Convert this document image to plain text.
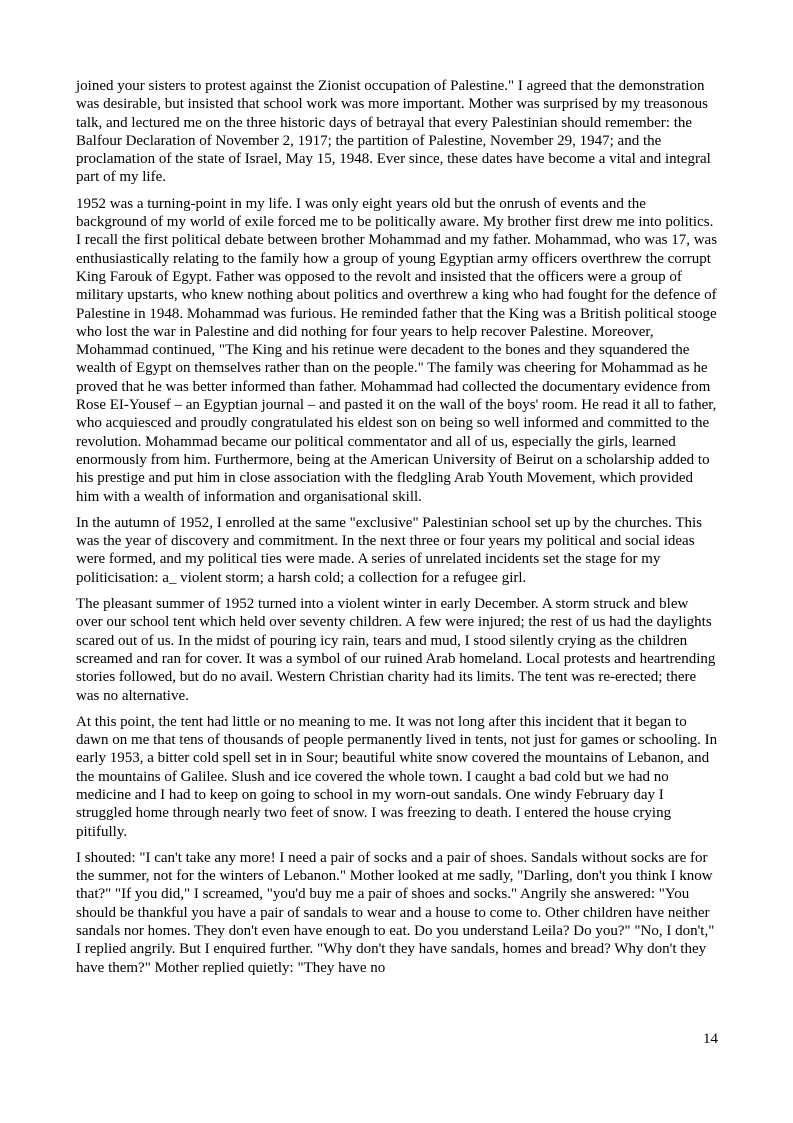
joined your sisters to protest against the Zionist occupation of Palestine." I agreed that the demonstration was desirable, but insisted that school work was more important. Mother was surprised by my treasonous talk, and lectured me on the three historic days of betrayal that every Palestinian should remember: the Balfour Declaration of November 2, 1917; the partition of Palestine, November 29, 1947; and the proclamation of the state of Israel, May 15, 1948. Ever since, these dates have become a vital and integral part of my life.

1952 was a turning-point in my life. I was only eight years old but the onrush of events and the background of my world of exile forced me to be politically aware. My brother first drew me into politics. I recall the first political debate between brother Mohammad and my father. Mohammad, who was 17, was enthusiastically relating to the family how a group of young Egyptian army officers overthrew the corrupt King Farouk of Egypt. Father was opposed to the revolt and insisted that the officers were a group of military upstarts, who knew nothing about politics and overthrew a king who had fought for the defence of Palestine in 1948. Mohammad was furious. He reminded father that the King was a British political stooge who lost the war in Palestine and did nothing for four years to help recover Palestine. Moreover, Mohammad continued, "The King and his retinue were decadent to the bones and they squandered the wealth of Egypt on themselves rather than on the people." The family was cheering for Mohammad as he proved that he was better informed than father. Mohammad had collected the documentary evidence from Rose EI-Yousef – an Egyptian journal – and pasted it on the wall of the boys' room. He read it all to father, who acquiesced and proudly congratulated his eldest son on being so well informed and committed to the revolution. Mohammad became our political commentator and all of us, especially the girls, learned enormously from him. Furthermore, being at the American University of Beirut on a scholarship added to his prestige and put him in close association with the fledgling Arab Youth Movement, which provided him with a wealth of information and organisational skill.

In the autumn of 1952, I enrolled at the same "exclusive" Palestinian school set up by the churches. This was the year of discovery and commitment. In the next three or four years my political and social ideas were formed, and my political ties were made. A series of unrelated incidents set the stage for my politicisation: a_ violent storm; a harsh cold; a collection for a refugee girl.

The pleasant summer of 1952 turned into a violent winter in early December. A storm struck and blew over our school tent which held over seventy children. A few were injured; the rest of us had the daylights scared out of us. In the midst of pouring icy rain, tears and mud, I stood silently crying as the children screamed and ran for cover. It was a symbol of our ruined Arab homeland. Local protests and heartrending stories followed, but do no avail. Western Christian charity had its limits. The tent was re-erected; there was no alternative.

At this point, the tent had little or no meaning to me. It was not long after this incident that it began to dawn on me that tens of thousands of people permanently lived in tents, not just for games or schooling. In early 1953, a bitter cold spell set in in Sour; beautiful white snow covered the mountains of Lebanon, and the mountains of Galilee. Slush and ice covered the whole town. I caught a bad cold but we had no medicine and I had to keep on going to school in my worn-out sandals. One windy February day I struggled home through nearly two feet of snow. I was freezing to death. I entered the house crying pitifully.

I shouted: "I can't take any more! I need a pair of socks and a pair of shoes. Sandals without socks are for the summer, not for the winters of Lebanon." Mother looked at me sadly, "Darling, don't you think I know that?" "If you did," I screamed, "you'd buy me a pair of shoes and socks." Angrily she answered: "You should be thankful you have a pair of sandals to wear and a house to come to. Other children have neither sandals nor homes. They don't even have enough to eat. Do you understand Leila? Do you?" "No, I don't," I replied angrily. But I enquired further. "Why don't they have sandals, homes and bread? Why don't they have them?" Mother replied quietly: "They have no

14
